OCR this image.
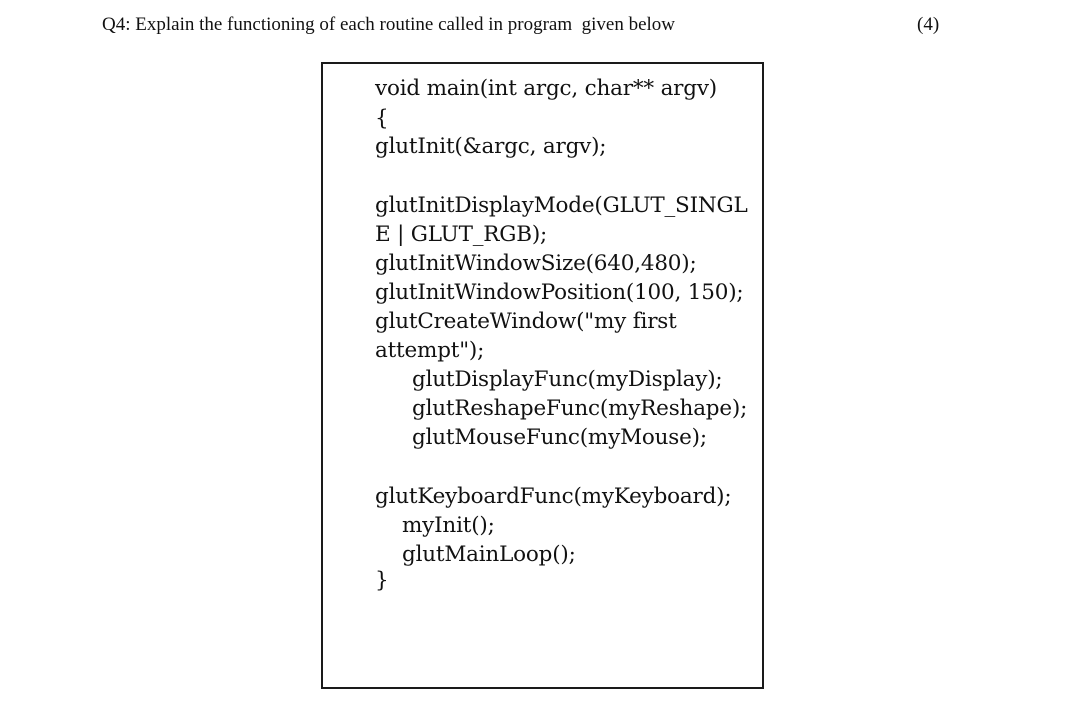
Q4: Explain the functioning of each routine called in program  given below	(4)
void main(int argc, char** argv)
{
glutInit(&argc, argv);
glutInitDisplayMode(GLUT_SINGL
E | GLUT_RGB);
glutInitWindowSize(640,480);
glutInitWindowPosition(100, 150);
glutCreateWindow("my first
attempt");
glutDisplayFunc(myDisplay);
glutReshapeFunc(myReshape);
glutMouseFunc(myMouse);
glutKeyboardFunc(myKeyboard);
myInit();
glutMainLoop();
}
